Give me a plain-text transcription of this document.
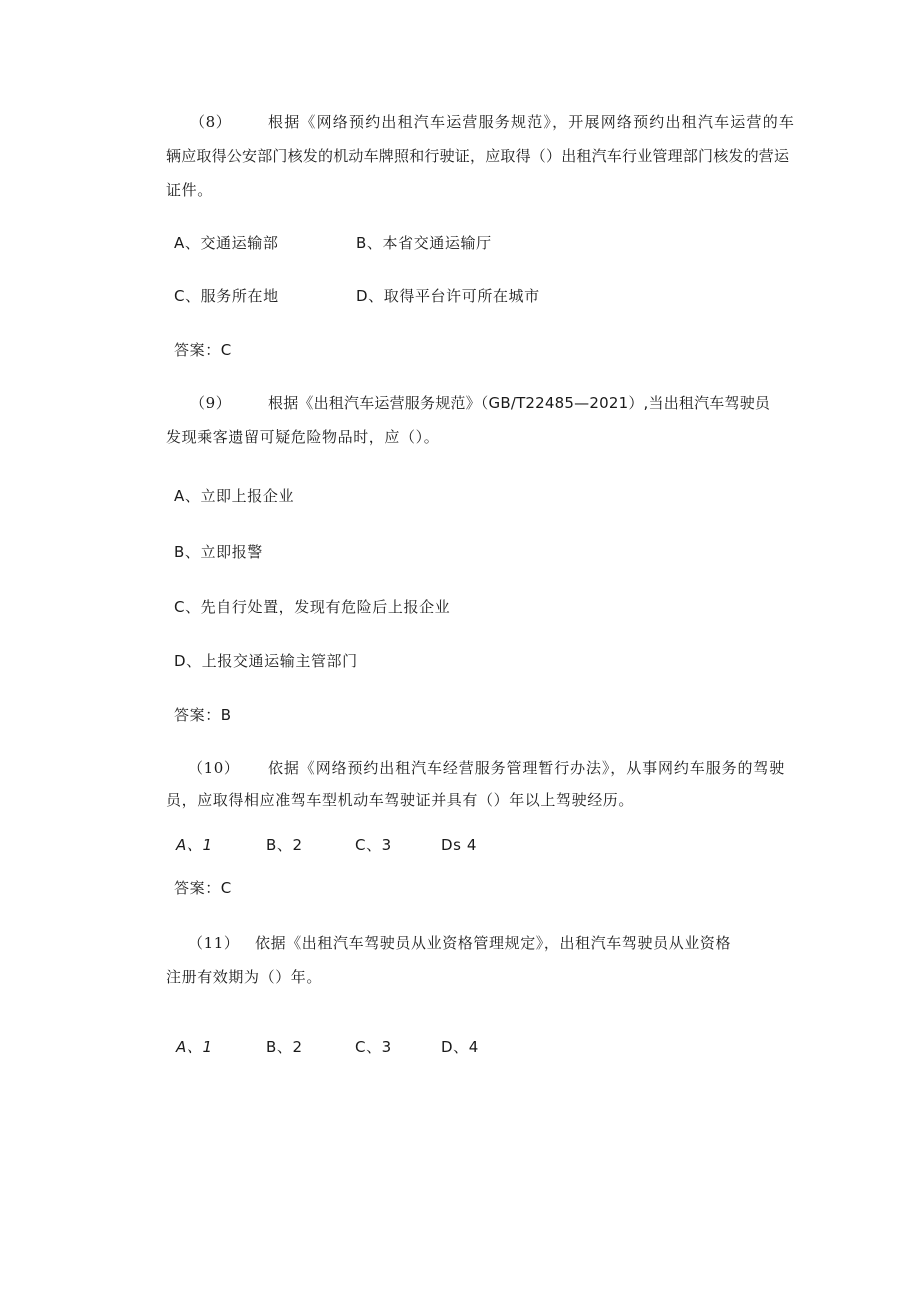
（8） 根据《网络预约出租汽车运营服务规范》，开展网络预约出租汽车运营的车
辆应取得公安部门核发的机动车牌照和行驶证，应取得（）出租汽车行业管理部门核发的营运
证件。
A、交通运输部	B、本省交通运输厅
C、服务所在地	D、取得平台许可所在城市
答案：C
（9） 根据《出租汽车运营服务规范》（GB/T22485—2021）,当出租汽车驾驶员
发现乘客遗留可疑危险物品时，应（）。
A、立即上报企业
B、立即报警
C、先自行处置，发现有危险后上报企业
D、上报交通运输主管部门
答案：B
（10） 依据《网络预约出租汽车经营服务管理暂行办法》，从事网约车服务的驾驶
员，应取得相应准驾车型机动车驾驶证并具有（）年以上驾驶经历。
A、1	B、2	C、3	Ds 4
答案：C
（11） 依据《出租汽车驾驶员从业资格管理规定》，出租汽车驾驶员从业资格
注册有效期为（）年。
A、1	B、2	C、3	D、4
